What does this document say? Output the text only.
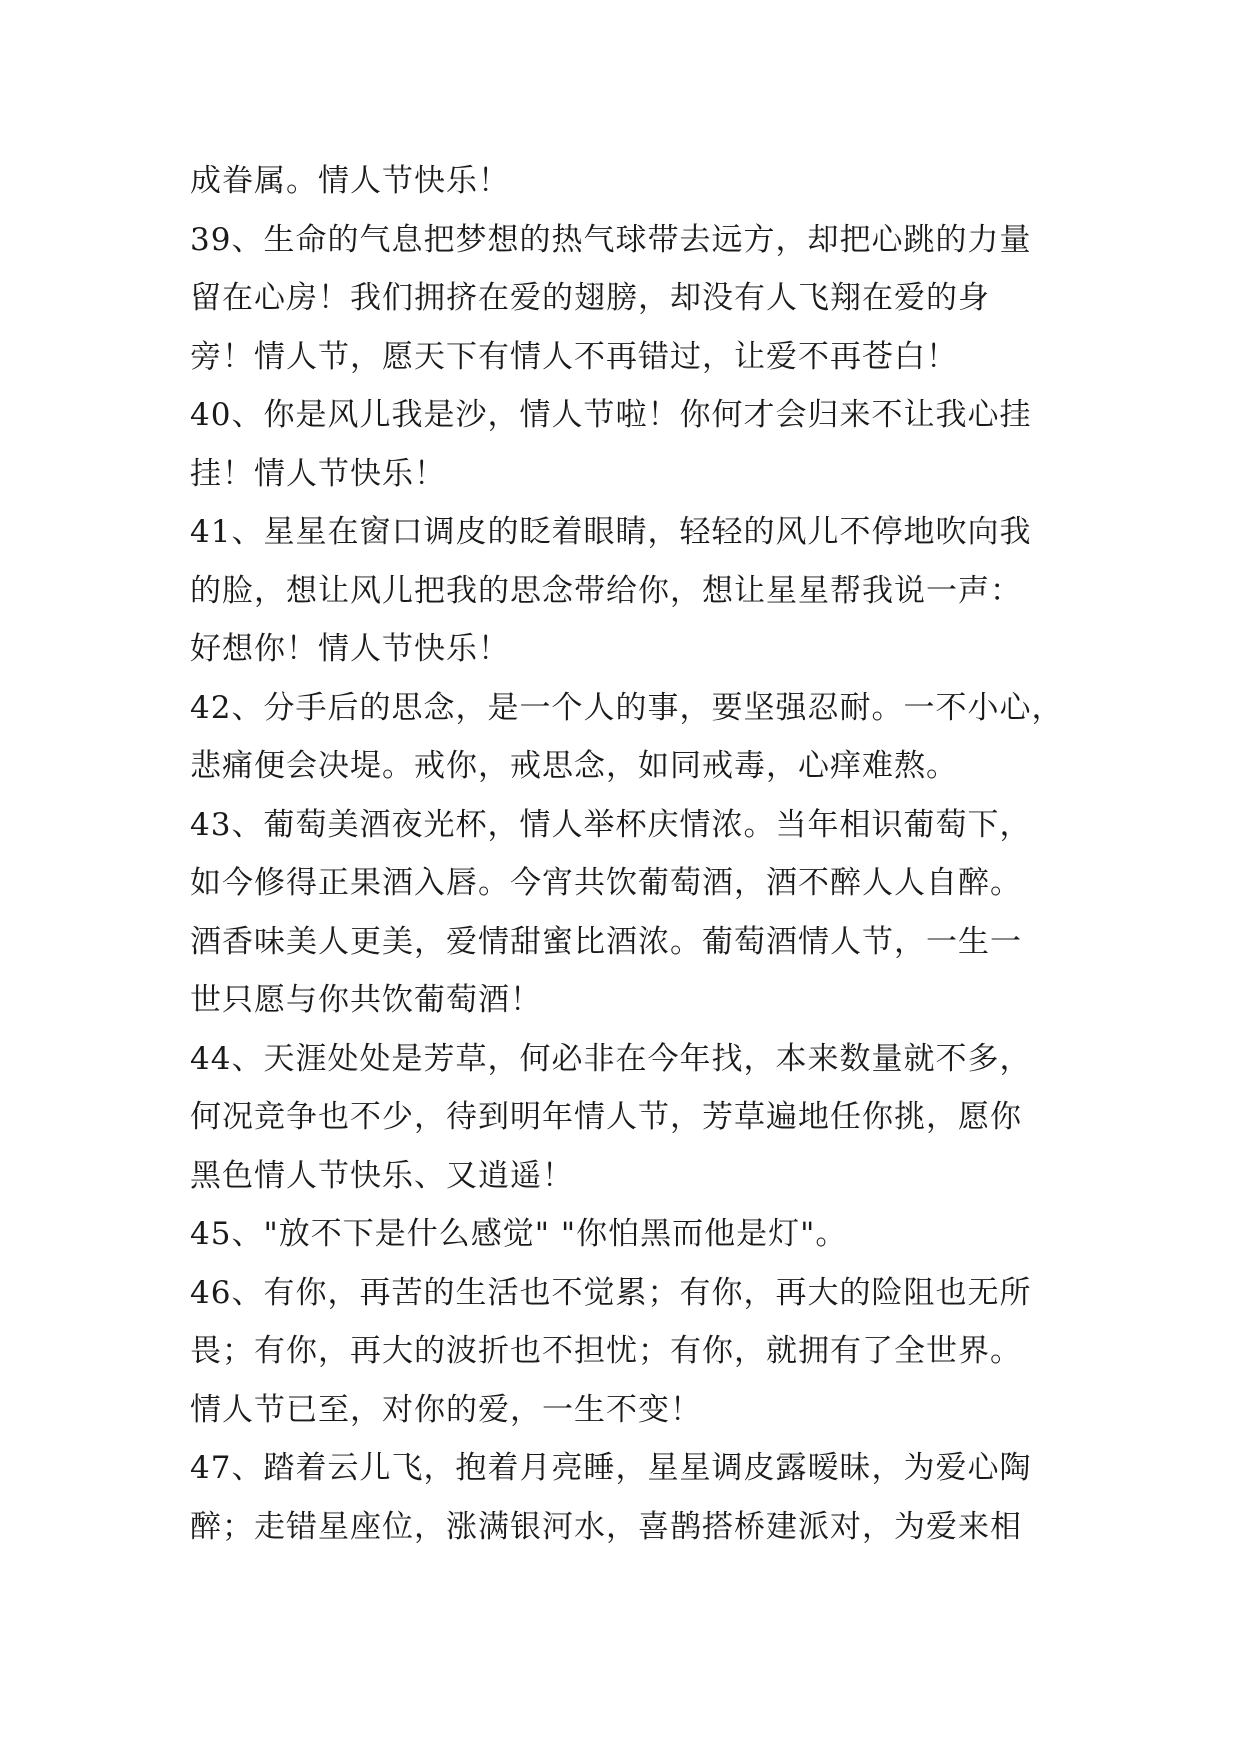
成眷属。情人节快乐！
39、生命的气息把梦想的热气球带去远方，却把心跳的力量
留在心房！我们拥挤在爱的翅膀，却没有人飞翔在爱的身
旁！情人节，愿天下有情人不再错过，让爱不再苍白！
40、你是风儿我是沙，情人节啦！你何才会归来不让我心挂
挂！情人节快乐！
41、星星在窗口调皮的眨着眼睛，轻轻的风儿不停地吹向我
的脸，想让风儿把我的思念带给你，想让星星帮我说一声：
好想你！情人节快乐！
42、分手后的思念，是一个人的事，要坚强忍耐。一不小心，
悲痛便会决堤。戒你，戒思念，如同戒毒，心痒难熬。
43、葡萄美酒夜光杯，情人举杯庆情浓。当年相识葡萄下，
如今修得正果酒入唇。今宵共饮葡萄酒，酒不醉人人自醉。
酒香味美人更美，爱情甜蜜比酒浓。葡萄酒情人节，一生一
世只愿与你共饮葡萄酒！
44、天涯处处是芳草，何必非在今年找，本来数量就不多，
何况竞争也不少，待到明年情人节，芳草遍地任你挑，愿你
黑色情人节快乐、又逍遥！
45、"放不下是什么感觉" "你怕黑而他是灯"。
46、有你，再苦的生活也不觉累；有你，再大的险阻也无所
畏；有你，再大的波折也不担忧；有你，就拥有了全世界。
情人节已至，对你的爱，一生不变！
47、踏着云儿飞，抱着月亮睡，星星调皮露暧昧，为爱心陶
醉；走错星座位，涨满银河水，喜鹊搭桥建派对，为爱来相
